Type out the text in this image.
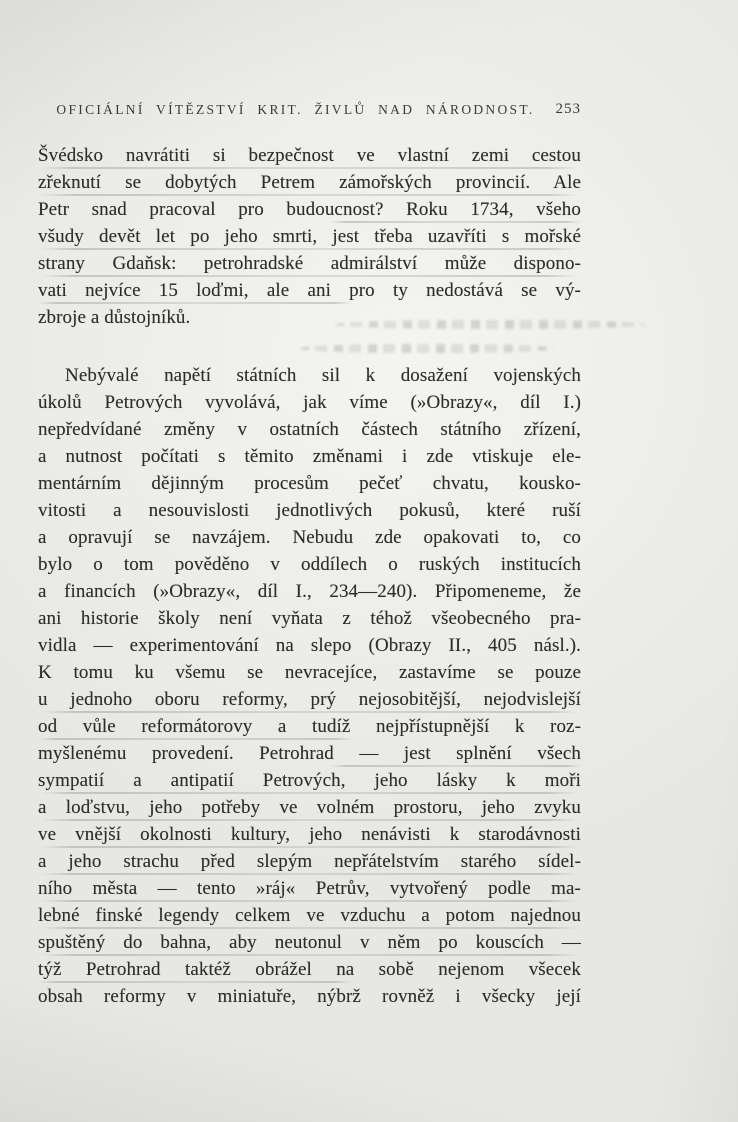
OFICIÁLNÍ VÍTĚZSTVÍ KRIT. ŽIVLŮ NAD NÁRODNOST.	253
Švédsko navrátiti si bezpečnost ve vlastní zemi cestou
zřeknutí se dobytých Petrem zámořských provincií. Ale
Petr snad pracoval pro budoucnost? Roku 1734, všeho
všudy devět let po jeho smrti, jest třeba uzavříti s mořské
strany Gdaňsk: petrohradské admirálství může dispono-
vati nejvíce 15 loďmi, ale ani pro ty nedostává se vý-
zbroje a důstojníků.
Nebývalé napětí státních sil k dosažení vojenských
úkolů Petrových vyvolává, jak víme (»Obrazy«, díl I.)
nepředvídané změny v ostatních částech státního zřízení,
a nutnost počítati s těmito změnami i zde vtiskuje ele-
mentárním dějinným procesům pečeť chvatu, kousko-
vitosti a nesouvislosti jednotlivých pokusů, které ruší
a opravují se navzájem. Nebudu zde opakovati to, co
bylo o tom pověděno v oddílech o ruských institucích
a financích (»Obrazy«, díl I., 234—240). Připomeneme, že
ani historie školy není vyňata z téhož všeobecného pra-
vidla — experimentování na slepo (Obrazy II., 405 násl.).
K tomu ku všemu se nevracejíce, zastavíme se pouze
u jednoho oboru reformy, prý nejosobitější, nejodvislejší
od vůle reformátorovy a tudíž nejpřístupnější k roz-
myšlenému provedení. Petrohrad — jest splnění všech
sympatií a antipatií Petrových, jeho lásky k moři
a loďstvu, jeho potřeby ve volném prostoru, jeho zvyku
ve vnější okolnosti kultury, jeho nenávisti k starodávnosti
a jeho strachu před slepým nepřátelstvím starého sídel-
ního města — tento »ráj« Petrův, vytvořený podle ma-
lebné finské legendy celkem ve vzduchu a potom najednou
spuštěný do bahna, aby neutonul v něm po kouscích —
týž Petrohrad taktéž obrážel na sobě nejenom všecek
obsah reformy v miniatuře, nýbrž rovněž i všecky její
